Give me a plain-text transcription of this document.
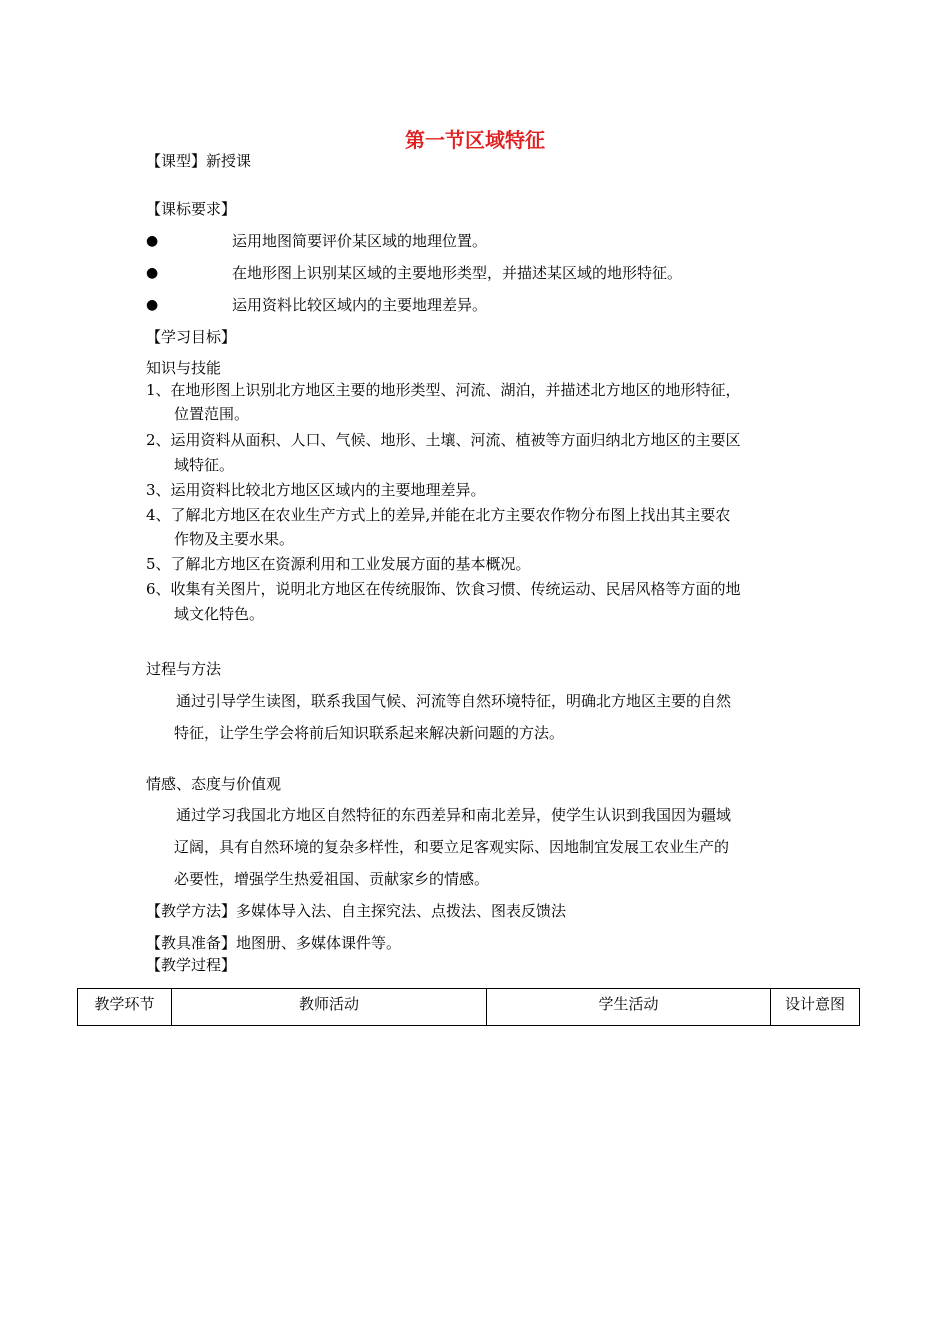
第一节区域特征
【课型】新授课
【课标要求】
●	运用地图简要评价某区域的地理位置。
●	在地形图上识别某区域的主要地形类型，并描述某区域的地形特征。
●	运用资料比较区域内的主要地理差异。
【学习目标】
知识与技能
1、在地形图上识别北方地区主要的地形类型、河流、湖泊，并描述北方地区的地形特征，
位置范围。
2、运用资料从面积、人口、气候、地形、土壤、河流、植被等方面归纳北方地区的主要区
域特征。
3、运用资料比较北方地区区域内的主要地理差异。
4、了解北方地区在农业生产方式上的差异,并能在北方主要农作物分布图上找出其主要农
作物及主要水果。
5、了解北方地区在资源利用和工业发展方面的基本概况。
6、收集有关图片，说明北方地区在传统服饰、饮食习惯、传统运动、民居风格等方面的地
域文化特色。
过程与方法
通过引导学生读图，联系我国气候、河流等自然环境特征，明确北方地区主要的自然
特征，让学生学会将前后知识联系起来解决新问题的方法。
情感、态度与价值观
通过学习我国北方地区自然特征的东西差异和南北差异，使学生认识到我国因为疆域
辽阔，具有自然环境的复杂多样性，和要立足客观实际、因地制宜发展工农业生产的
必要性，增强学生热爱祖国、贡献家乡的情感。
【教学方法】多媒体导入法、自主探究法、点拨法、图表反馈法
【教具准备】地图册、多媒体课件等。
【教学过程】
教学环节	教师活动	学生活动	设计意图
